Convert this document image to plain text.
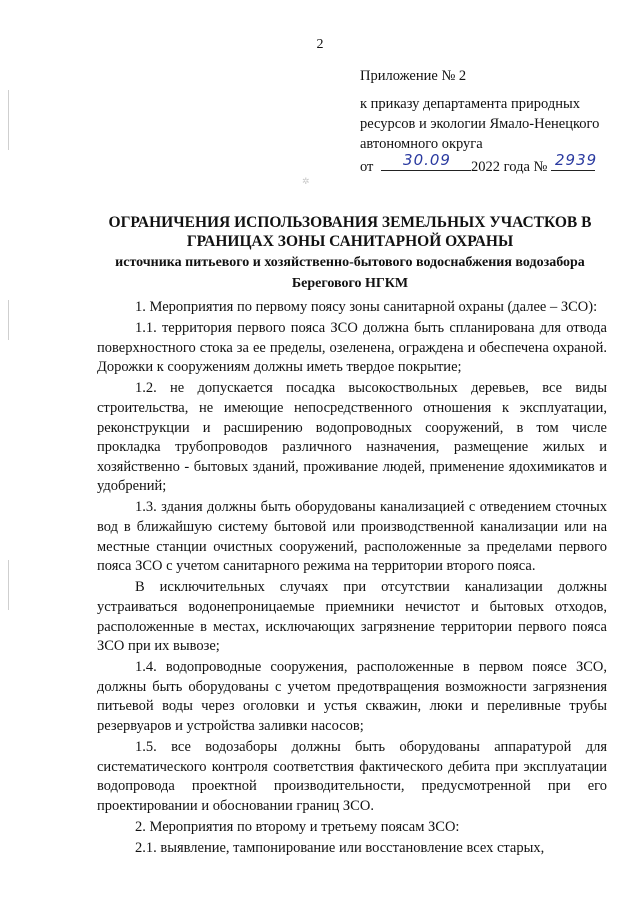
2
Приложение № 2
к приказу департамента природных
ресурсов и экологии Ямало-Ненецкого
автономного округа
от 30.09 2022 года № 2939
✲
ОГРАНИЧЕНИЯ ИСПОЛЬЗОВАНИЯ ЗЕМЕЛЬНЫХ УЧАСТКОВ В
ГРАНИЦАХ ЗОНЫ САНИТАРНОЙ ОХРАНЫ
источника питьевого и хозяйственно-бытового водоснабжения водозабора
Берегового НГКМ

1. Мероприятия по первому поясу зоны санитарной охраны (далее – ЗСО):

1.1. территория первого пояса ЗСО должна быть спланирована для отвода поверхностного стока за ее пределы, озеленена, ограждена и обеспечена охраной. Дорожки к сооружениям должны иметь твердое покрытие;

1.2. не допускается посадка высокоствольных деревьев, все виды строительства, не имеющие непосредственного отношения к эксплуатации, реконструкции и расширению водопроводных сооружений, в том числе прокладка трубопроводов различного назначения, размещение жилых и хозяйственно - бытовых зданий, проживание людей, применение ядохимикатов и удобрений;

1.3. здания должны быть оборудованы канализацией с отведением сточных вод в ближайшую систему бытовой или производственной канализации или на местные станции очистных сооружений, расположенные за пределами первого пояса ЗСО с учетом санитарного режима на территории второго пояса.

В исключительных случаях при отсутствии канализации должны устраиваться водонепроницаемые приемники нечистот и бытовых отходов, расположенные в местах, исключающих загрязнение территории первого пояса ЗСО при их вывозе;

1.4. водопроводные сооружения, расположенные в первом поясе ЗСО, должны быть оборудованы с учетом предотвращения возможности загрязнения питьевой воды через оголовки и устья скважин, люки и переливные трубы резервуаров и устройства заливки насосов;

1.5. все водозаборы должны быть оборудованы аппаратурой для систематического контроля соответствия фактического дебита при эксплуатации водопровода проектной производительности, предусмотренной при его проектировании и обосновании границ ЗСО.

2. Мероприятия по второму и третьему поясам ЗСО:

2.1. выявление, тампонирование или восстановление всех старых,
